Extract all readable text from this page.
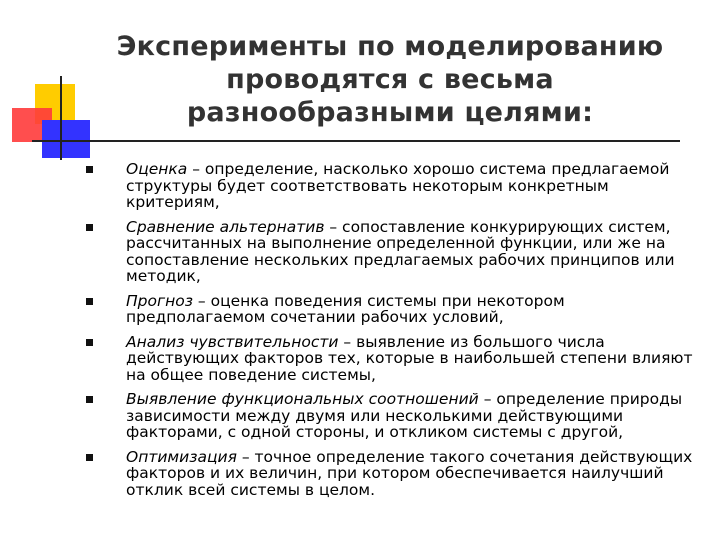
Эксперименты по моделированию проводятся с весьма разнообразными целями:
Оценка – определение, насколько хорошо система предлагаемой структуры будет соответствовать некоторым конкретным критериям,
Сравнение альтернатив – сопоставление конкурирующих систем, рассчитанных на выполнение определенной функции, или же на сопоставление нескольких предлагаемых рабочих принципов или методик,
Прогноз – оценка поведения системы при некотором предполагаемом сочетании рабочих условий,
Анализ чувствительности – выявление из большого числа действующих факторов тех, которые в наибольшей степени влияют на общее поведение системы,
Выявление функциональных соотношений – определение природы зависимости между двумя или несколькими действующими факторами, с одной стороны, и откликом системы с другой,
Оптимизация – точное определение такого сочетания действующих факторов и их величин, при котором обеспечивается наилучший отклик всей системы в целом.
